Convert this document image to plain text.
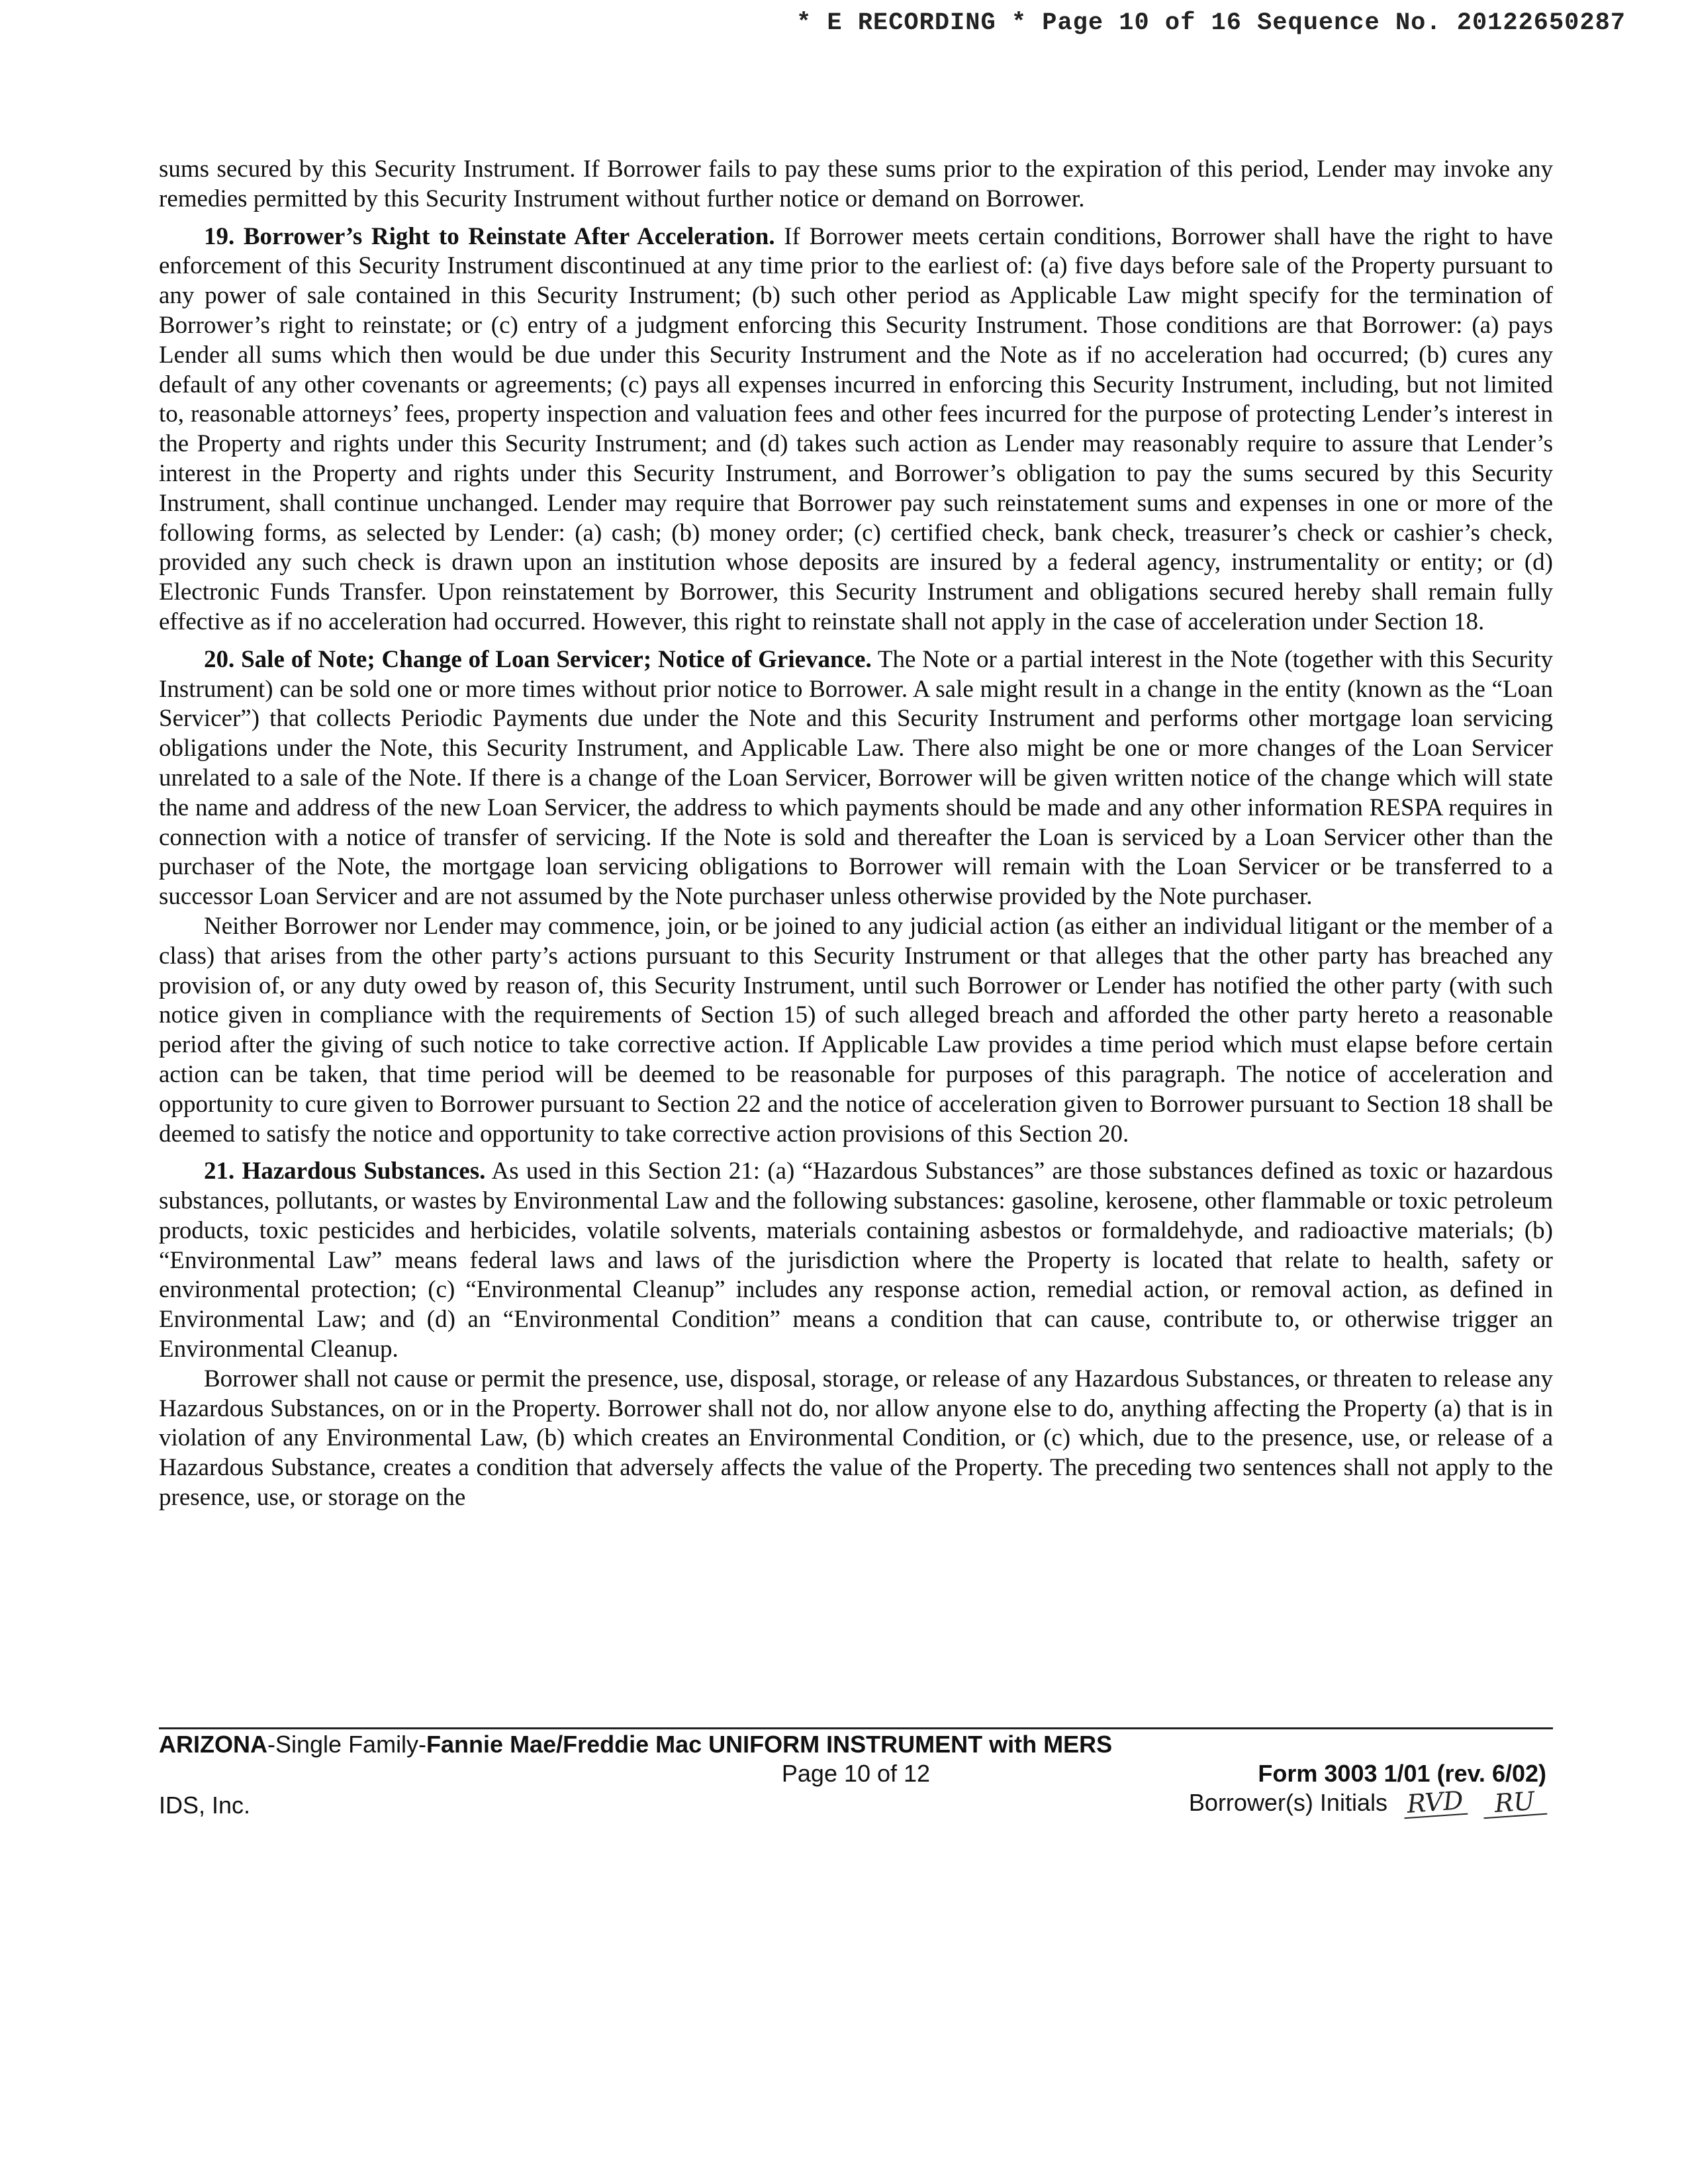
* E RECORDING * Page 10 of 16 Sequence No. 20122650287

sums secured by this Security Instrument. If Borrower fails to pay these sums prior to the expiration of this period, Lender may invoke any remedies permitted by this Security Instrument without further notice or demand on Borrower.

19. Borrower’s Right to Reinstate After Acceleration. If Borrower meets certain conditions, Borrower shall have the right to have enforcement of this Security Instrument discontinued at any time prior to the earliest of: (a) five days before sale of the Property pursuant to any power of sale contained in this Security Instrument; (b) such other period as Applicable Law might specify for the termination of Borrower’s right to reinstate; or (c) entry of a judgment enforcing this Security Instrument. Those conditions are that Borrower: (a) pays Lender all sums which then would be due under this Security Instrument and the Note as if no acceleration had occurred; (b) cures any default of any other covenants or agreements; (c) pays all expenses incurred in enforcing this Security Instrument, including, but not limited to, reasonable attorneys’ fees, property inspection and valuation fees and other fees incurred for the purpose of protecting Lender’s interest in the Property and rights under this Security Instrument; and (d) takes such action as Lender may reasonably require to assure that Lender’s interest in the Property and rights under this Security Instrument, and Borrower’s obligation to pay the sums secured by this Security Instrument, shall continue unchanged. Lender may require that Borrower pay such reinstatement sums and expenses in one or more of the following forms, as selected by Lender: (a) cash; (b) money order; (c) certified check, bank check, treasurer’s check or cashier’s check, provided any such check is drawn upon an institution whose deposits are insured by a federal agency, instrumentality or entity; or (d) Electronic Funds Transfer. Upon reinstatement by Borrower, this Security Instrument and obligations secured hereby shall remain fully effective as if no acceleration had occurred. However, this right to reinstate shall not apply in the case of acceleration under Section 18.

20. Sale of Note; Change of Loan Servicer; Notice of Grievance. The Note or a partial interest in the Note (together with this Security Instrument) can be sold one or more times without prior notice to Borrower. A sale might result in a change in the entity (known as the “Loan Servicer”) that collects Periodic Payments due under the Note and this Security Instrument and performs other mortgage loan servicing obligations under the Note, this Security Instrument, and Applicable Law. There also might be one or more changes of the Loan Servicer unrelated to a sale of the Note. If there is a change of the Loan Servicer, Borrower will be given written notice of the change which will state the name and address of the new Loan Servicer, the address to which payments should be made and any other information RESPA requires in connection with a notice of transfer of servicing. If the Note is sold and thereafter the Loan is serviced by a Loan Servicer other than the purchaser of the Note, the mortgage loan servicing obligations to Borrower will remain with the Loan Servicer or be transferred to a successor Loan Servicer and are not assumed by the Note purchaser unless otherwise provided by the Note purchaser.

Neither Borrower nor Lender may commence, join, or be joined to any judicial action (as either an individual litigant or the member of a class) that arises from the other party’s actions pursuant to this Security Instrument or that alleges that the other party has breached any provision of, or any duty owed by reason of, this Security Instrument, until such Borrower or Lender has notified the other party (with such notice given in compliance with the requirements of Section 15) of such alleged breach and afforded the other party hereto a reasonable period after the giving of such notice to take corrective action. If Applicable Law provides a time period which must elapse before certain action can be taken, that time period will be deemed to be reasonable for purposes of this paragraph. The notice of acceleration and opportunity to cure given to Borrower pursuant to Section 22 and the notice of acceleration given to Borrower pursuant to Section 18 shall be deemed to satisfy the notice and opportunity to take corrective action provisions of this Section 20.

21. Hazardous Substances. As used in this Section 21: (a) “Hazardous Substances” are those substances defined as toxic or hazardous substances, pollutants, or wastes by Environmental Law and the following substances: gasoline, kerosene, other flammable or toxic petroleum products, toxic pesticides and herbicides, volatile solvents, materials containing asbestos or formaldehyde, and radioactive materials; (b) “Environmental Law” means federal laws and laws of the jurisdiction where the Property is located that relate to health, safety or environmental protection; (c) “Environmental Cleanup” includes any response action, remedial action, or removal action, as defined in Environmental Law; and (d) an “Environmental Condition” means a condition that can cause, contribute to, or otherwise trigger an Environmental Cleanup.

Borrower shall not cause or permit the presence, use, disposal, storage, or release of any Hazardous Substances, or threaten to release any Hazardous Substances, on or in the Property. Borrower shall not do, nor allow anyone else to do, anything affecting the Property (a) that is in violation of any Environmental Law, (b) which creates an Environmental Condition, or (c) which, due to the presence, use, or release of a Hazardous Substance, creates a condition that adversely affects the value of the Property. The preceding two sentences shall not apply to the presence, use, or storage on the

ARIZONA-Single Family-Fannie Mae/Freddie Mac UNIFORM INSTRUMENT with MERS
Page 10 of 12	Form 3003 1/01 (rev. 6/02)
IDS, Inc.	Borrower(s) Initials RVD RU
